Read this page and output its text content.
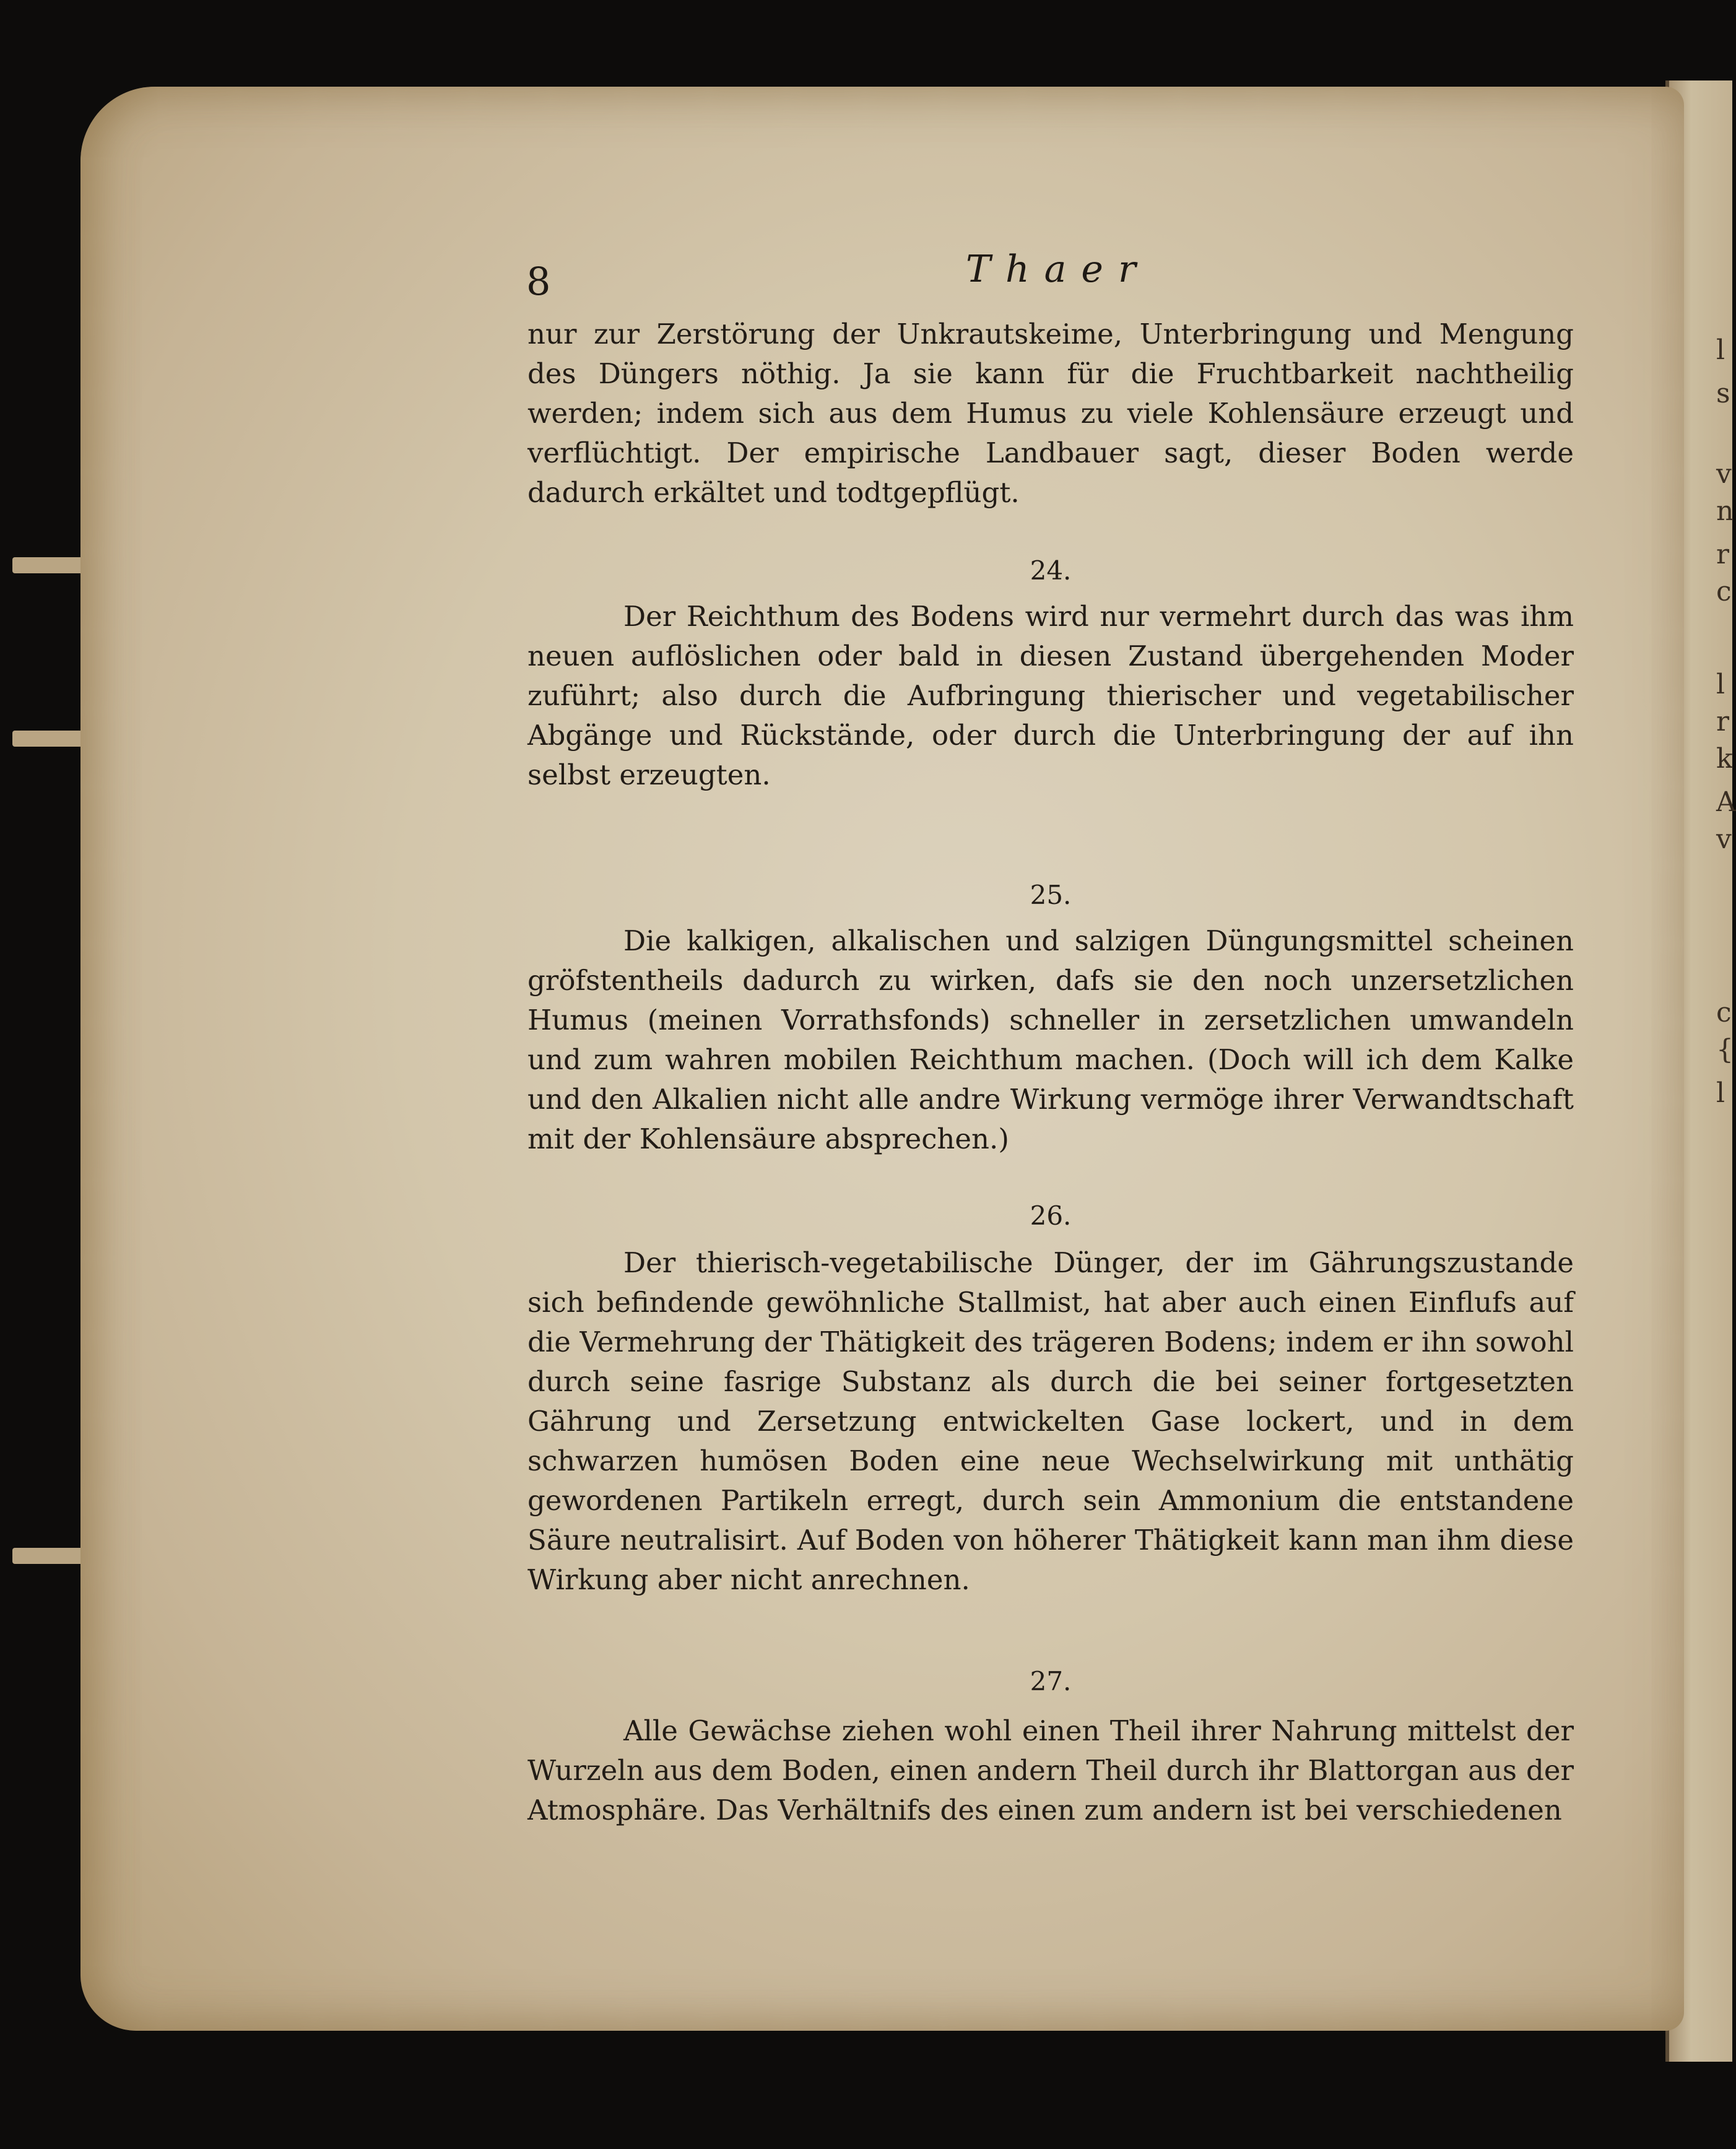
l
s
v
n
r
c
l
r
k
A
v
c
{
l
8	Thaer

nur zur Zerstörung der Unkrautskeime, Unterbringung und Mengung des Düngers nöthig. Ja sie kann für die Fruchtbarkeit nachtheilig werden; indem sich aus dem Humus zu viele Kohlensäure erzeugt und verflüchtigt. Der empirische Landbauer sagt, dieser Boden werde dadurch erkältet und todtgepflügt.

24.

Der Reichthum des Bodens wird nur vermehrt durch das was ihm neuen auflöslichen oder bald in diesen Zustand übergehenden Moder zuführt; also durch die Aufbringung thierischer und vegetabilischer Abgänge und Rückstände, oder durch die Unterbringung der auf ihn selbst erzeugten.

25.

Die kalkigen, alkalischen und salzigen Düngungsmittel scheinen gröfstentheils dadurch zu wirken, dafs sie den noch unzersetzlichen Humus (meinen Vorrathsfonds) schneller in zersetzlichen umwandeln und zum wahren mobilen Reichthum machen. (Doch will ich dem Kalke und den Alkalien nicht alle andre Wirkung vermöge ihrer Verwandtschaft mit der Kohlensäure absprechen.)

26.

Der thierisch-vegetabilische Dünger, der im Gährungszustande sich befindende gewöhnliche Stallmist, hat aber auch einen Einflufs auf die Vermehrung der Thätigkeit des trägeren Bodens; indem er ihn sowohl durch seine fasrige Substanz als durch die bei seiner fortgesetzten Gährung und Zersetzung entwickelten Gase lockert, und in dem schwarzen humösen Boden eine neue Wechselwirkung mit unthätig gewordenen Partikeln erregt, durch sein Ammonium die entstandene Säure neutralisirt. Auf Boden von höherer Thätigkeit kann man ihm diese Wirkung aber nicht anrechnen.

27.

Alle Gewächse ziehen wohl einen Theil ihrer Nahrung mittelst der Wurzeln aus dem Boden, einen andern Theil durch ihr Blattorgan aus der Atmosphäre. Das Verhältnifs des einen zum andern ist bei verschiedenen
